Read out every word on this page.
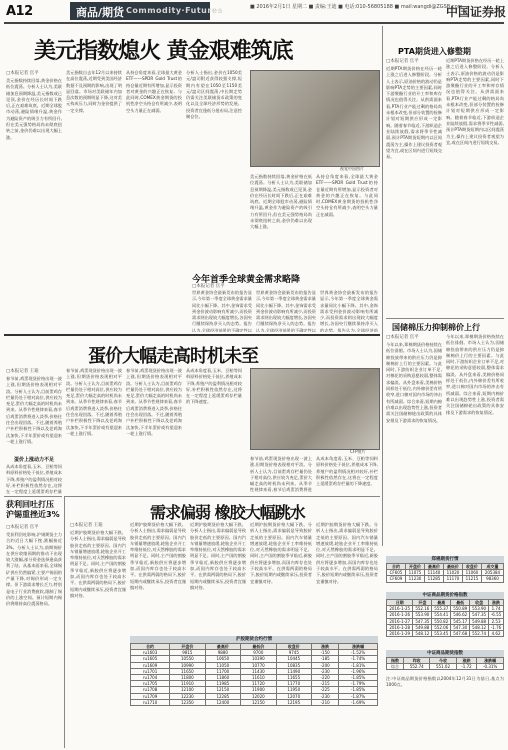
A12	商品/期货 Commodity·Futures	■ 2016年2月1日 星期二 ■ 责编:王迪 ■ 电话:010-56805188 ■ mail:wangdi@ZGSB.com
中国证券报
美元指数熄火 黄金艰难筑底
□本报记者 官平
美元指数持续回落,黄金价格在低位震荡。分析人士认为,美联储加息预期降温,美元指数或已见顶,金价在经历长时间下跌后,正在艰难筑底。近期全球股市动荡,避险情绪升温,黄金作为避险资产的吸引力有所回升,但在美元强势格局尚未彻底扭转之前,金价仍难以出现大幅上涨。
美元指数自去年12月以来持续在高位震荡,近期受到美国经济数据不及预期的影响,出现了明显回落。市场对美联储年内加息次数的预期明显下降,这对美元构成压力,同时为金价提供了一定支撑。
从持仓角度来看,全球最大黄金ETF——SPDR Gold Trust的持仓量近期有所增加,显示投资者对黄金的兴趣正在恢复。与此同时,COMEX黄金期货的投机性净空头持仓有所减少,表明空头力量正在减弱。
分析人士指出,金价在1050美元/盎司附近获得较强支撑,短期内有望在1050至1150美元/盎司区间震荡,中长期走势仍需关注美联储货币政策的变化以及全球经济形势的发展。投资者宜逢低分批布局,注意控制仓位。
视觉中国图片
美元指数持续回落,黄金价格在低位震荡。分析人士认为,美联储加息预期降温,美元指数或已见顶,金价在经历长时间下跌后,正在艰难筑底。近期全球股市动荡,避险情绪升温,黄金作为避险资产的吸引力有所回升,但在美元强势格局尚未彻底扭转之前,金价仍难以出现大幅上涨。
从持仓角度来看,全球最大黄金ETF——SPDR Gold Trust的持仓量近期有所增加,显示投资者对黄金的兴趣正在恢复。与此同时,COMEX黄金期货的投机性净空头持仓有所减少,表明空头力量正在减弱。
今年首季全球黄金需求略降
□本报记者 官平
世界黄金协会最新发布的报告显示,今年第一季度全球黄金需求量同比小幅下降。其中,金饰需求受到金价波动影响有所减少,而投资需求则出现较大幅度增长,各国央行继续保持净买入的态势。报告认为,全球经济前景的不确定性以
世界黄金协会最新发布的报告显示,今年第一季度全球黄金需求量同比小幅下降。其中,金饰需求受到金价波动影响有所减少,而投资需求则出现较大幅度增长,各国央行继续保持净买入的态势。报告认为,全球经济前景的不确定性以
世界黄金协会最新发布的报告显示,今年第一季度全球黄金需求量同比小幅下降。其中,金饰需求受到金价波动影响有所减少,而投资需求则出现较大幅度增长,各国央行继续保持净买入的态势。报告认为,全球经济前
PTA期货进入修整期
□本报记者 官平
近期PTA期货价格在经历一轮上涨之后进入修整阶段。分析人士表示,原油价格的波动仍是影响PTA走势的主要因素,同时下游聚酯行业的开工率和库存情况也值得关注。从供需面来看,PTA行业产能过剩的格局尚未根本改变,但部分装置的检修计划对短期供应形成一定影响。随着春节临近,下游织造企业陆续放假,需求将季节性减弱,预计PTA期货短期内以区间震荡为主,操作上建议投资者观望为宜,或在区间内进行短线交易。
近期PTA期货价格在经历一轮上涨之后进入修整阶段。分析人士表示,原油价格的波动仍是影响PTA走势的主要因素,同时下游聚酯行业的开工率和库存情况也值得关注。从供需面来看,PTA行业产能过剩的格局尚未根本改变,但部分装置的检修计划对短期供应形成一定影响。随着春节临近,下游织造企业陆续放假,需求将季节性减弱,预计PTA期货短期内以区间震荡为主,操作上建议投资者观望为宜,或在区间内进行短线交易。
国储棉压力抑制棉价上行
□本报记者 官平
今年以来,郑棉期货价格持续在低位徘徊。市场人士认为,国储棉投放带来的供应压力仍是抑制棉价上行的主要因素。与此同时,下游纺织企业订单不足,对棉花的采购意愿较弱,整体需求偏淡。从外盘来看,美棉价格同样处于低位,内外棉价差有所收窄,进口棉对国内市场的冲击有所减弱。综合来看,短期内棉价难以出现趋势性上涨,投资者需关注国储棉轮出政策的具体安排及下游需求的恢复情况。
今年以来,郑棉期货价格持续在低位徘徊。市场人士认为,国储棉投放带来的供应压力仍是抑制棉价上行的主要因素。与此同时,下游纺织企业订单不足,对棉花的采购意愿较弱,整体需求偏淡。从外盘来看,美棉价格同样处于低位,内外棉价差有所收窄,进口棉对国内市场的冲击有所减弱。综合来看,短期内棉价难以出现趋势性上涨,投资者需关注国储棉轮出政策的具体安排及下游需求的恢复情况。
蛋价大幅走高时机未至
□本报记者 王迪
春节前,鸡蛋现货价格出现一波上涨,但期货价格表现相对平淡。分析人士认为,目前蛋鸡存栏量仍处于相对高位,供应较为充足,蛋价大幅走高的时机尚未到来。从季节性规律来看,春节后鸡蛋消费将进入淡季,价格往往会出现回落。不过,随着养殖户补栏积极性下降以及老鸡淘汰加快,下半年蛋价或有望迎来一轮上涨行情。
蛋价上涨动力不足
从成本角度看,玉米、豆粕等饲料原料价格处于低位,养殖成本下降,养殖户的盈利情况相对较好,补栏积极性依然存在,这将在一定程度上延缓蛋鸡存栏量
春节前,鸡蛋现货价格出现一波上涨,但期货价格表现相对平淡。分析人士认为,目前蛋鸡存栏量仍处于相对高位,供应较为充足,蛋价大幅走高的时机尚未到来。从季节性规律来看,春节后鸡蛋消费将进入淡季,价格往往会出现回落。不过,随着养殖户补栏积极性下降以及老鸡淘汰加快,下半年蛋价或有望迎来一轮上涨行情。
春节前,鸡蛋现货价格出现一波上涨,但期货价格表现相对平淡。分析人士认为,目前蛋鸡存栏量仍处于相对高位,供应较为充足,蛋价大幅走高的时机尚未到来。从季节性规律来看,春节后鸡蛋消费将进入淡季,价格往往会出现回落。不过,随着养殖户补栏积极性下降以及老鸡淘汰加快,下半年蛋价或有望迎来一轮上涨行情。
从成本角度看,玉米、豆粕等饲料原料价格处于低位,养殖成本下降,养殖户的盈利情况相对较好,补栏积极性依然存在,这将在一定程度上延缓蛋鸡存栏量的下降速度。
CFP图片
春节前,鸡蛋现货价格出现一波上涨,但期货价格表现相对平淡。分析人士认为,目前蛋鸡存栏量仍处于相对高位,供应较为充足,蛋价大幅走高的时机尚未到来。从季节性规律来看,春节后鸡蛋消费将进
从成本角度看,玉米、豆粕等饲料原料价格处于低位,养殖成本下降,养殖户的盈利情况相对较好,补栏积极性依然存在,这将在一定程度上延缓蛋鸡存栏量的下降速度。
获利回吐打压 沪锡重挫近3%
□本报记者 官平
受获利回吐影响,沪锡期货主力合约近日大幅下挫,跌幅接近3%。分析人士认为,前期锡价在供应收缩预期的推动下出现较大涨幅,部分资金选择逢高获利了结。从基本面来看,全球锡矿供应仍然偏紧,主要产锡国的产量下降,对锡价形成一定支撑。但下游需求增长乏力,特别是电子行业消费疲软,限制了锡价的上涨空间。预计短期内锡价将维持高位震荡格局。
需求偏弱 橡胶大幅跳水
□本报记者 王迪
近期沪胶期货价格大幅下跌。分析人士指出,需求偏弱是导致胶价走低的主要原因。国内汽车销量增速放缓,轮胎企业开工率维持低位,对天然橡胶的需求明显不足。同时,主产国的割胶季节临近,新胶供应将逐步增加,而国内库存也处于较高水平。在供需两弱的格局下,胶价短期内或继续承压,投资者宜谨慎对待。
近期沪胶期货价格大幅下跌。分析人士指出,需求偏弱是导致胶价走低的主要原因。国内汽车销量增速放缓,轮胎企业开工率维持低位,对天然橡胶的需求明显不足。同时,主产国的割胶季节临近,新胶供应将逐步增加,而国内库存也处于较高水平。在供需两弱的格局下,胶价短期内或继续承压,投资者宜谨慎对待。
近期沪胶期货价格大幅下跌。分析人士指出,需求偏弱是导致胶价走低的主要原因。国内汽车销量增速放缓,轮胎企业开工率维持低位,对天然橡胶的需求明显不足。同时,主产国的割胶季节临近,新胶供应将逐步增加,而国内库存也处于较高水平。在供需两弱的格局下,胶价短期内或继续承压,投资者宜谨慎对待。
近期沪胶期货价格大幅下跌。分析人士指出,需求偏弱是导致胶价走低的主要原因。国内汽车销量增速放缓,轮胎企业开工率维持低位,对天然橡胶的需求明显不足。同时,主产国的割胶季节临近,新胶供应将逐步增加,而国内库存也处于较高水平。在供需两弱的格局下,胶价短期内或继续承压,投资者宜谨慎对待。
近期沪胶期货价格大幅下跌。分析人士指出,需求偏弱是导致胶价走低的主要原因。国内汽车销量增速放缓,轮胎企业开工率维持低位,对天然橡胶的需求明显不足。同时,主产国的割胶季节临近,新胶供应将逐步增加,而国内库存也处于较高水平。在供需两弱的格局下,胶价短期内或继续承压,投资者宜谨慎对待。
沪胶期货合约行情
合约	开盘价	最高价	最低价	收盘价	涨跌	涨跌幅
ru1603	9815	9880	9700	9745	-150	-1.52%
ru1605	10550	10650	10390	10445	-185	-1.74%
ru1609	10990	11050	10770	10835	-200	-1.81%
ru1701	11650	11700	11430	11490	-230	-1.96%
ru1704	11800	11860	11610	11655	-220	-1.85%
ru1705	11910	11985	11720	11770	-215	-1.79%
ru1708	12100	12150	11900	11950	-225	-1.85%
ru1709	12230	12285	12020	12070	-230	-1.87%
ru1710	12350	12400	12150	12195	-210	-1.69%
郑棉期货行情
合约	开盘价	最高价	最低价	收盘价	成交量
CF605	11075	11140	11020	11060	205384
CF609	11230	11285	11170	11215	98360
中证商品期货价格指数
日期	开盘	最高	最低	收盘	涨跌
2016-1-25	552.16	555.37	550.89	553.90	1.74
2016-1-26	553.90	554.41	546.62	547.35	-6.55
2016-1-27	547.35	550.82	545.17	549.88	2.53
2016-1-28	549.88	552.06	547.30	548.12	-1.76
2016-1-29	548.12	553.45	547.68	552.74	4.62
中证商品期货指数
指数	昨收	今收	涨跌	涨跌幅
综合	552.74	551.02	-1.72	-0.31%
注:中证商品期货价格指数以2004年12月31日为基日,基点为1000点。
